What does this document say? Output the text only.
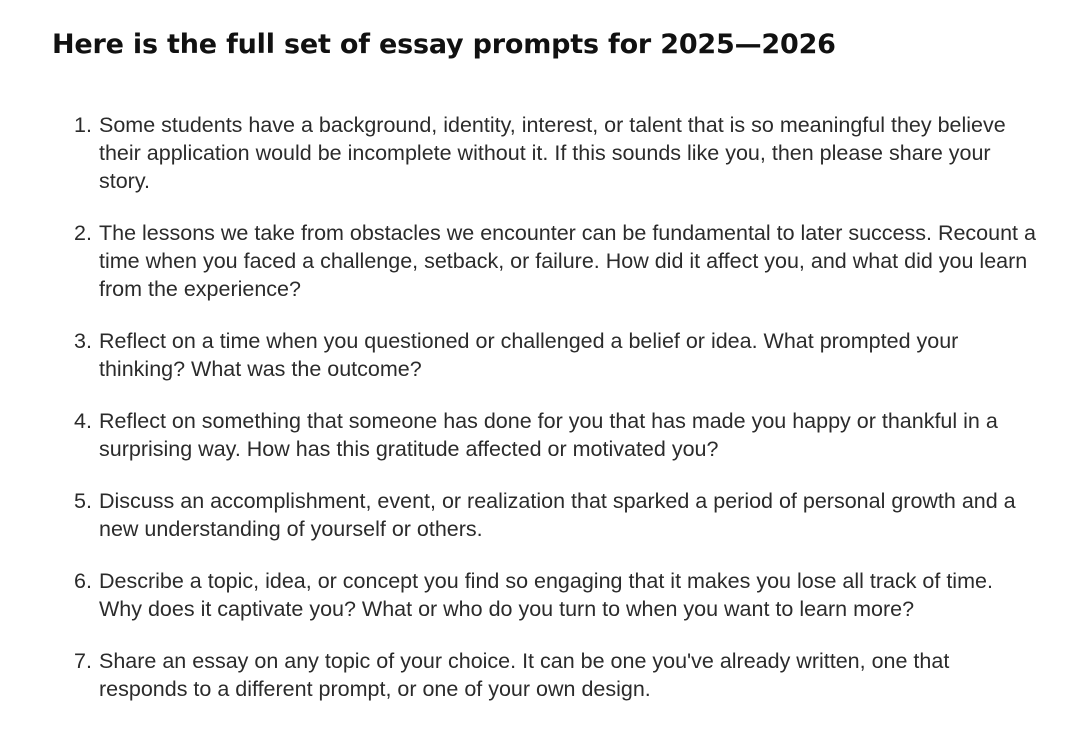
Here is the full set of essay prompts for 2025—2026
1. Some students have a background, identity, interest, or talent that is so meaningful they believe their application would be incomplete without it. If this sounds like you, then please share your story.
2. The lessons we take from obstacles we encounter can be fundamental to later success. Recount a time when you faced a challenge, setback, or failure. How did it affect you, and what did you learn from the experience?
3. Reflect on a time when you questioned or challenged a belief or idea. What prompted your thinking? What was the outcome?
4. Reflect on something that someone has done for you that has made you happy or thankful in a surprising way. How has this gratitude affected or motivated you?
5. Discuss an accomplishment, event, or realization that sparked a period of personal growth and a new understanding of yourself or others.
6. Describe a topic, idea, or concept you find so engaging that it makes you lose all track of time. Why does it captivate you? What or who do you turn to when you want to learn more?
7. Share an essay on any topic of your choice. It can be one you've already written, one that responds to a different prompt, or one of your own design.
